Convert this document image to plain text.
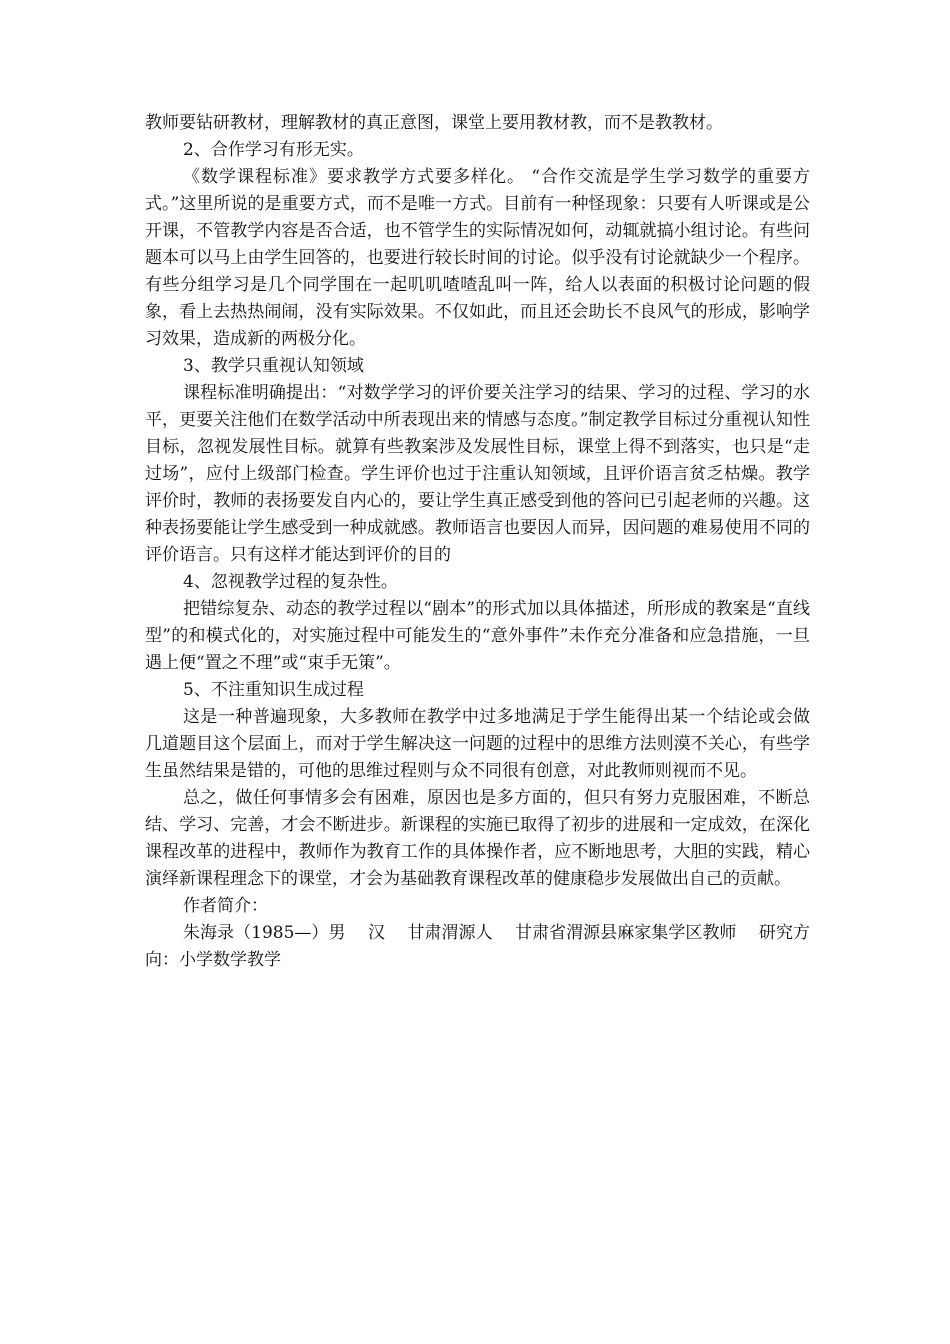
教师要钻研教材，理解教材的真正意图，课堂上要用教材教，而不是教教材。

2、合作学习有形无实。

《数学课程标准》要求教学方式要多样化。 “合作交流是学生学习数学的重要方式。”这里所说的是重要方式，而不是唯一方式。目前有一种怪现象：只要有人听课或是公开课，不管教学内容是否合适，也不管学生的实际情况如何，动辄就搞小组讨论。有些问题本可以马上由学生回答的，也要进行较长时间的讨论。似乎没有讨论就缺少一个程序。有些分组学习是几个同学围在一起叽叽喳喳乱叫一阵，给人以表面的积极讨论问题的假象，看上去热热闹闹，没有实际效果。不仅如此，而且还会助长不良风气的形成，影响学习效果，造成新的两极分化。

3、教学只重视认知领域

课程标准明确提出：“对数学学习的评价要关注学习的结果、学习的过程、学习的水平，更要关注他们在数学活动中所表现出来的情感与态度。”制定教学目标过分重视认知性目标，忽视发展性目标。就算有些教案涉及发展性目标，课堂上得不到落实，也只是“走过场”，应付上级部门检查。学生评价也过于注重认知领域，且评价语言贫乏枯燥。教学评价时，教师的表扬要发自内心的，要让学生真正感受到他的答问已引起老师的兴趣。这种表扬要能让学生感受到一种成就感。教师语言也要因人而异，因问题的难易使用不同的评价语言。只有这样才能达到评价的目的

4、忽视教学过程的复杂性。

把错综复杂、动态的教学过程以“剧本”的形式加以具体描述，所形成的教案是“直线型”的和模式化的，对实施过程中可能发生的“意外事件”未作充分准备和应急措施，一旦遇上便“置之不理”或“束手无策”。

5、不注重知识生成过程

这是一种普遍现象，大多教师在教学中过多地满足于学生能得出某一个结论或会做几道题目这个层面上，而对于学生解决这一问题的过程中的思维方法则漠不关心，有些学生虽然结果是错的，可他的思维过程则与众不同很有创意，对此教师则视而不见。

总之，做任何事情多会有困难，原因也是多方面的，但只有努力克服困难，不断总结、学习、完善，才会不断进步。新课程的实施已取得了初步的进展和一定成效，在深化课程改革的进程中，教师作为教育工作的具体操作者，应不断地思考，大胆的实践，精心演绎新课程理念下的课堂，才会为基础教育课程改革的健康稳步发展做出自己的贡献。

作者简介：

朱海录（1985—）男　 汉　 甘肃渭源人　 甘肃省渭源县麻家集学区教师　 研究方向：小学数学教学
